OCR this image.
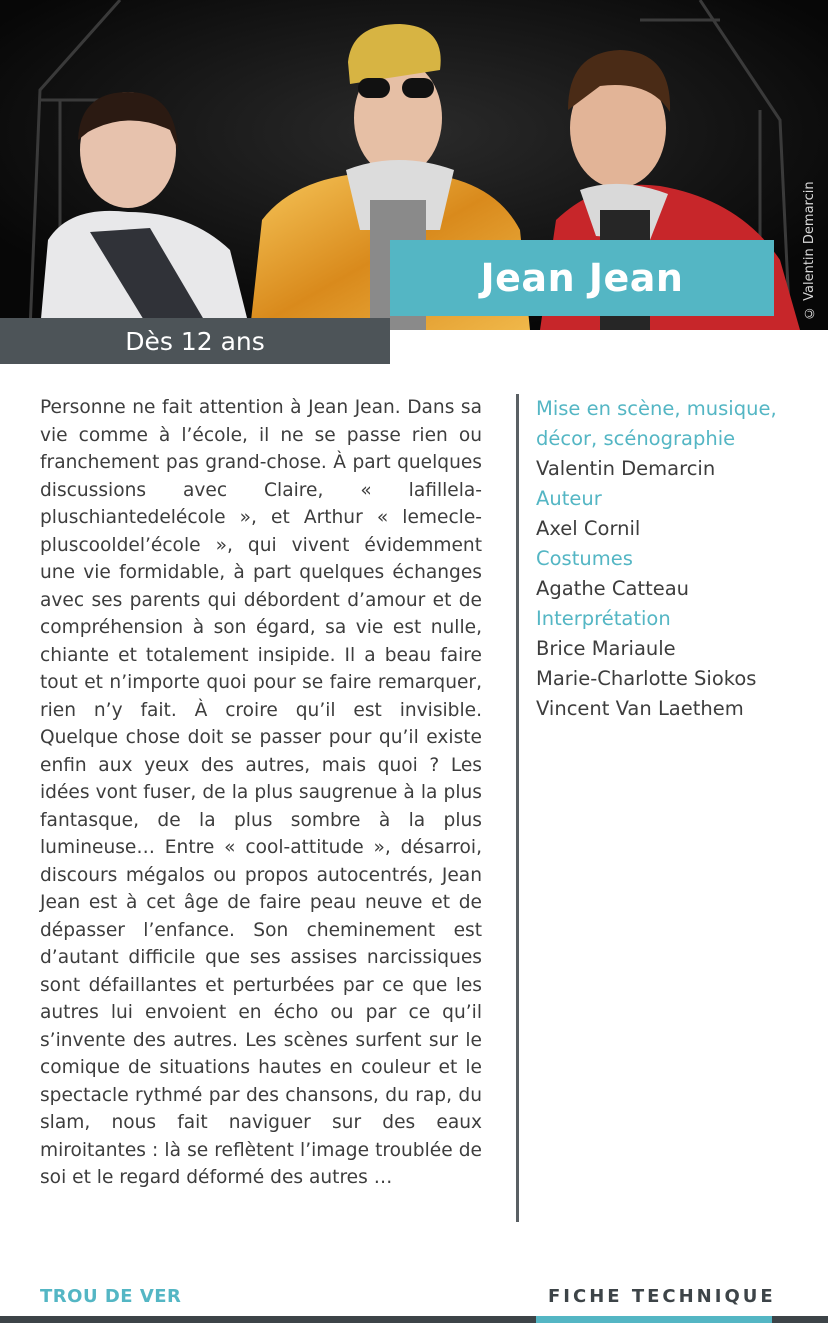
© Valentin Demarcin
Jean Jean
Dès 12 ans
Personne ne fait attention à Jean Jean. Dans sa vie comme à l’école, il ne se passe rien ou franchement pas grand-chose. À part quelques discussions avec Claire, « lafillelapluschiantedelécole », et Arthur « lemeclepluscooldel’école », qui vivent évidemment une vie formidable, à part quelques échanges avec ses parents qui débordent d’amour et de compréhension à son égard, sa vie est nulle, chiante et totalement insipide. Il a beau faire tout et n’importe quoi pour se faire remarquer, rien n’y fait. À croire qu’il est invisible. Quelque chose doit se passer pour qu’il existe enfin aux yeux des autres, mais quoi ? Les idées vont fuser, de la plus saugrenue à la plus fantasque, de la plus sombre à la plus lumineuse… Entre « cool-attitude », désarroi, discours mégalos ou propos autocentrés, Jean Jean est à cet âge de faire peau neuve et de dépasser l’enfance. Son cheminement est d’autant difficile que ses assises narcissiques sont défaillantes et perturbées par ce que les autres lui envoient en écho ou par ce qu’il s’invente des autres. Les scènes surfent sur le comique de situations hautes en couleur et le spectacle rythmé par des chansons, du rap, du slam, nous fait naviguer sur des eaux miroitantes : là se reflètent l’image troublée de soi et le regard déformé des autres …
Mise en scène, musique, décor, scénographie
Valentin Demarcin
Auteur
Axel Cornil
Costumes
Agathe Catteau
Interprétation
Brice Mariaule
Marie-Charlotte Siokos
Vincent Van Laethem
TROU DE VER	FICHE TECHNIQUE
